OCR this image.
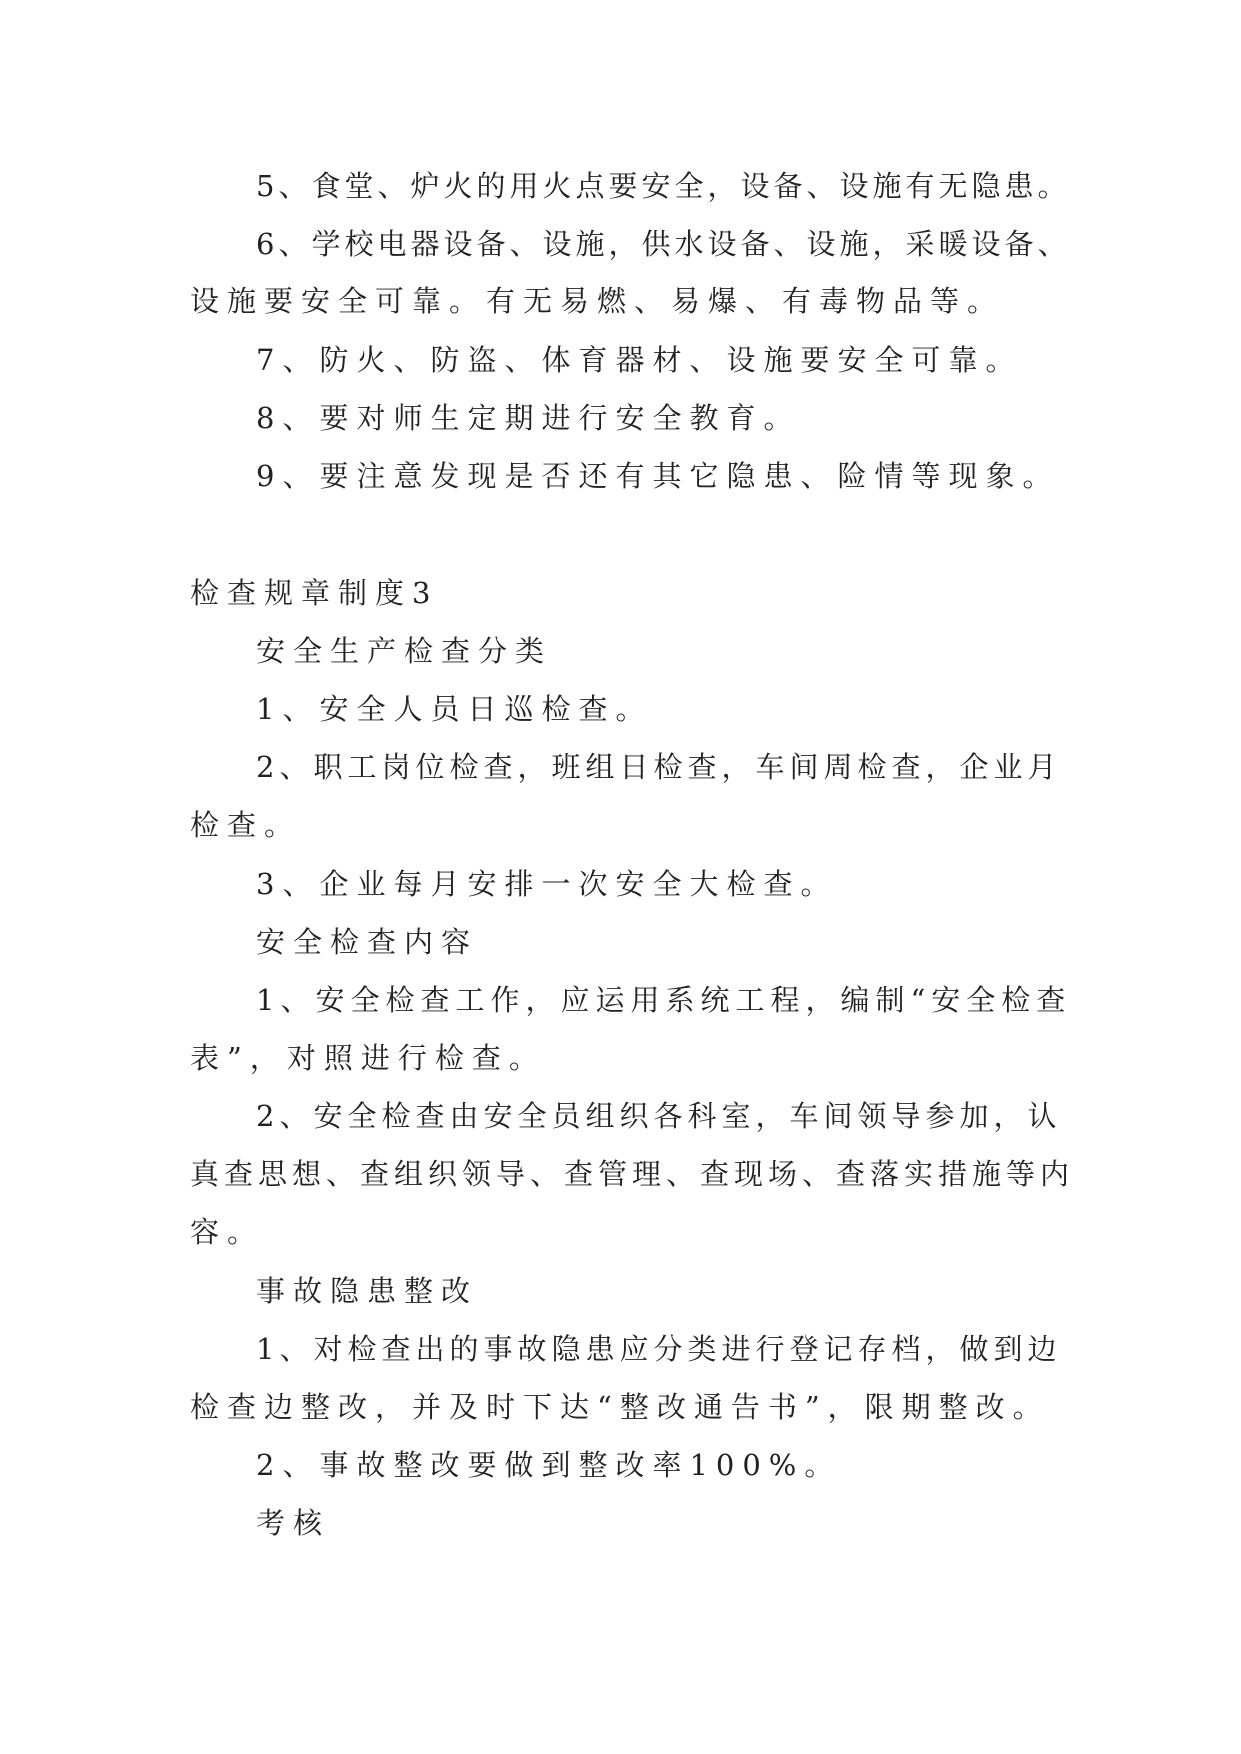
5、食堂、炉火的用火点要安全，设备、设施有无隐患。
6、学校电器设备、设施，供水设备、设施，采暖设备、
设施要安全可靠。有无易燃、易爆、有毒物品等。
7、防火、防盗、体育器材、设施要安全可靠。
8、要对师生定期进行安全教育。
9、要注意发现是否还有其它隐患、险情等现象。
检查规章制度3
安全生产检查分类
1、安全人员日巡检查。
2、职工岗位检查，班组日检查，车间周检查，企业月
检查。
3、企业每月安排一次安全大检查。
安全检查内容
1、安全检查工作，应运用系统工程，编制“安全检查
表”，对照进行检查。
2、安全检查由安全员组织各科室，车间领导参加，认
真查思想、查组织领导、查管理、查现场、查落实措施等内
容。
事故隐患整改
1、对检查出的事故隐患应分类进行登记存档，做到边
检查边整改，并及时下达“整改通告书”，限期整改。
2、事故整改要做到整改率100%。
考核
